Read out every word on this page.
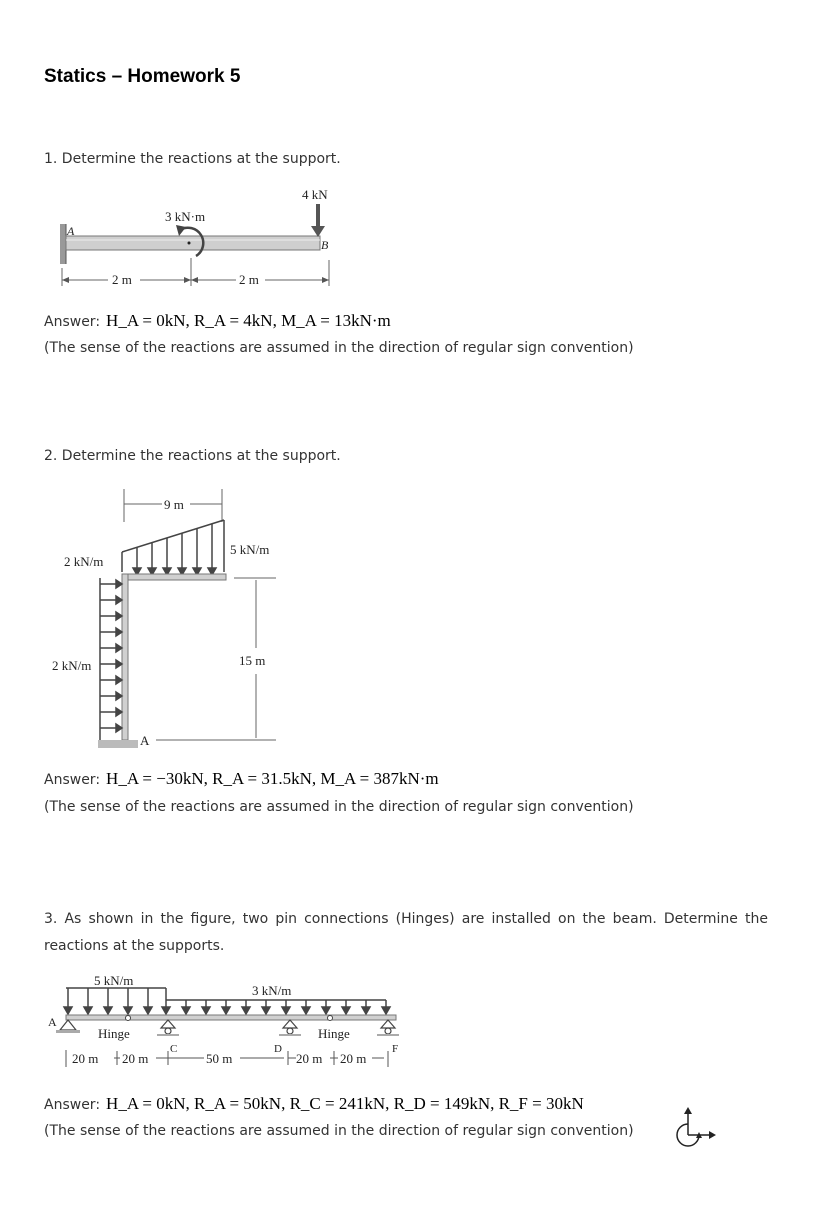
Statics – Homework 5
1. Determine the reactions at the support.
A
B
4 kN
3 kN·m
2 m	2 m
Answer: H_A = 0kN, R_A = 4kN, M_A = 13kN·m
(The sense of the reactions are assumed in the direction of regular sign convention)
2. Determine the reactions at the support.
9 m
2 kN/m
5 kN/m
2 kN/m
A
15 m
Answer: H_A = −30kN, R_A = 31.5kN, M_A = 387kN·m
(The sense of the reactions are assumed in the direction of regular sign convention)
3. As shown in the figure, two pin connections (Hinges) are installed on the beam. Determine the reactions at the supports.
5 kN/m
3 kN/m
A
Hinge	Hinge
C	D	F
20 m 20 m	50 m	20 m 20 m
Answer: H_A = 0kN, R_A = 50kN, R_C = 241kN, R_D = 149kN, R_F = 30kN
(The sense of the reactions are assumed in the direction of regular sign convention)
